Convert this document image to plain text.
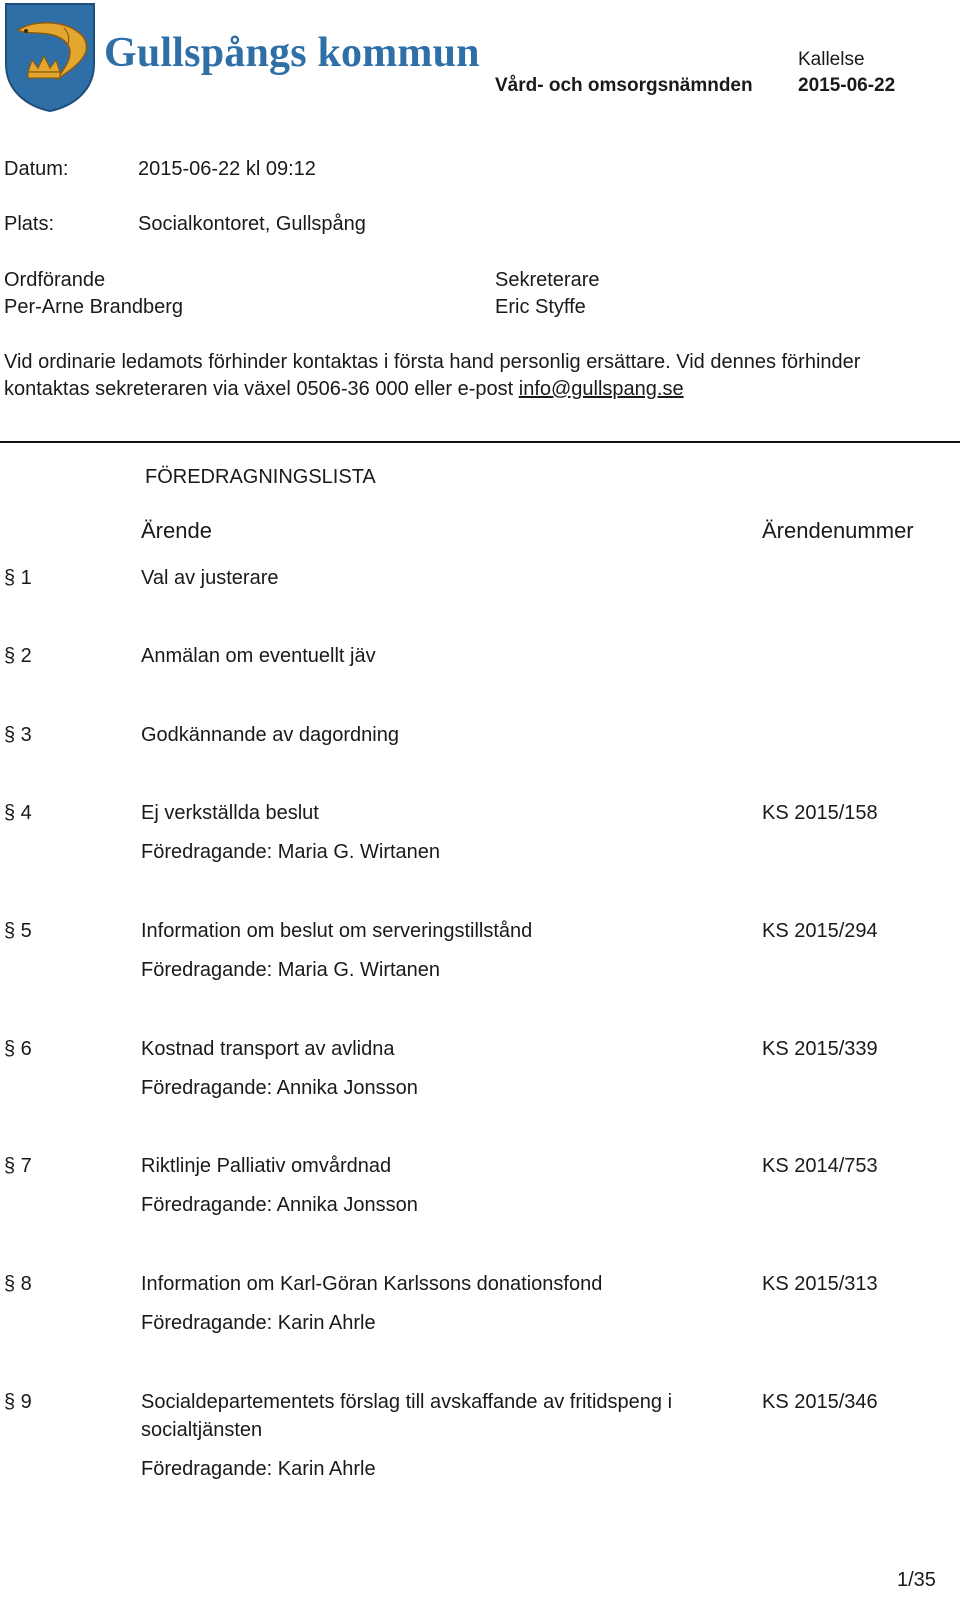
Gullspångs kommun	Kallelse
Vård- och omsorgsnämnden 2015-06-22
Datum:	2015-06-22 kl 09:12
Plats:	Socialkontoret, Gullspång
Ordförande
Per-Arne Brandberg
Sekreterare
Eric Styffe
Vid ordinarie ledamots förhinder kontaktas i första hand personlig ersättare. Vid dennes förhinder
kontaktas sekreteraren via växel 0506-36 000 eller e-post info@gullspang.se
FÖREDRAGNINGSLISTA
Ärende	Ärendenummer
§ 1	Val av justerare
§ 2	Anmälan om eventuellt jäv
§ 3	Godkännande av dagordning
§ 4	Ej verkställda beslut	KS 2015/158
Föredragande: Maria G. Wirtanen
§ 5	Information om beslut om serveringstillstånd	KS 2015/294
Föredragande: Maria G. Wirtanen
§ 6	Kostnad transport av avlidna	KS 2015/339
Föredragande: Annika Jonsson
§ 7	Riktlinje Palliativ omvårdnad	KS 2014/753
Föredragande: Annika Jonsson
§ 8	Information om Karl-Göran Karlssons donationsfond	KS 2015/313
Föredragande: Karin Ahrle
§ 9	Socialdepartementets förslag till avskaffande av fritidspeng i socialtjänsten
KS 2015/346
Föredragande: Karin Ahrle
1/35
